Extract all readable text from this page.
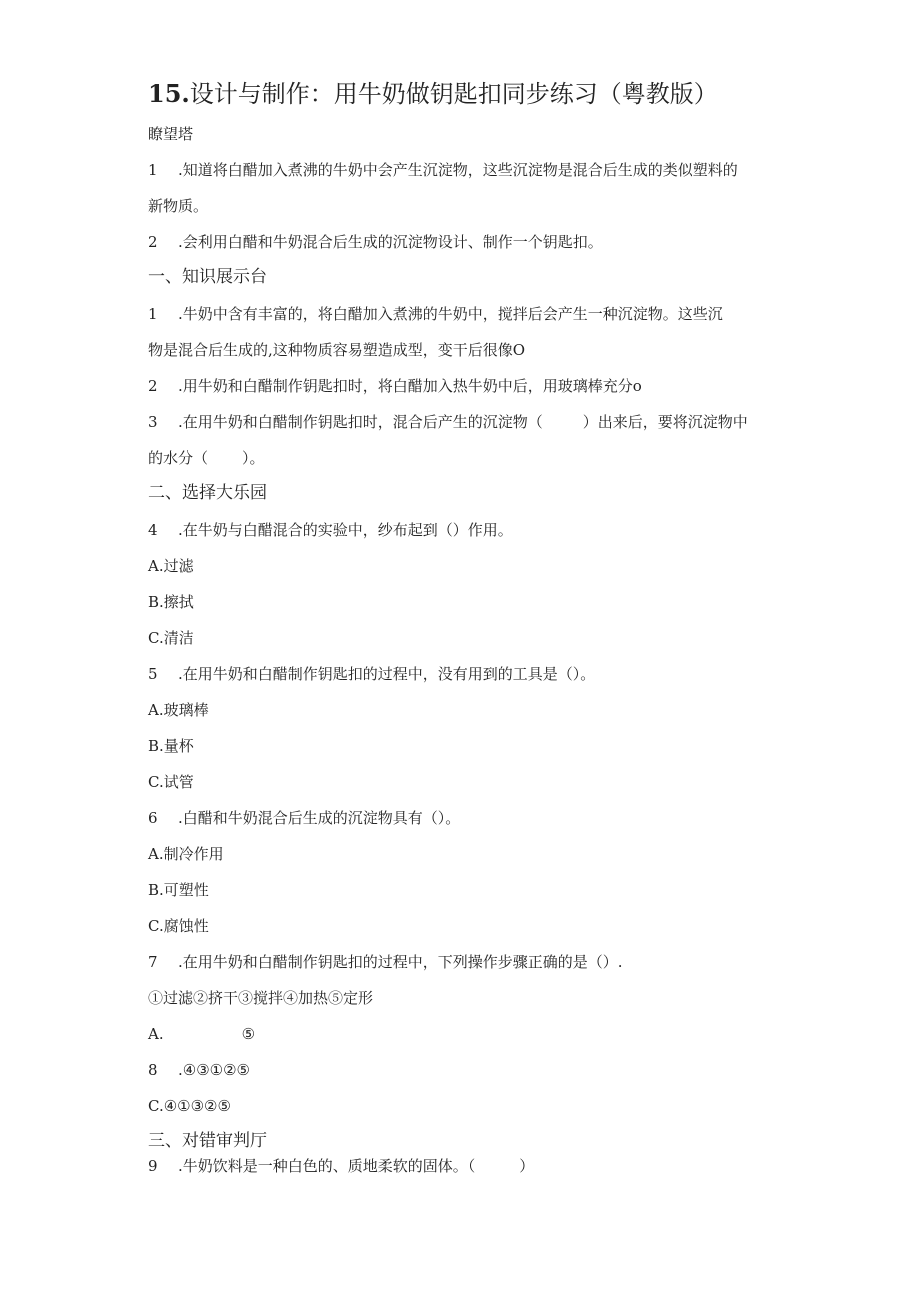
15.设计与制作：用牛奶做钥匙扣同步练习（粤教版）
瞭望塔
1 .知道将白醋加入煮沸的牛奶中会产生沉淀物，这些沉淀物是混合后生成的类似塑料的
新物质。
2 .会利用白醋和牛奶混合后生成的沉淀物设计、制作一个钥匙扣。
一、知识展示台
1 .牛奶中含有丰富的，将白醋加入煮沸的牛奶中，搅拌后会产生一种沉淀物。这些沉
物是混合后生成的,这种物质容易塑造成型，变干后很像O
2 .用牛奶和白醋制作钥匙扣时，将白醋加入热牛奶中后，用玻璃棒充分o
3 .在用牛奶和白醋制作钥匙扣时，混合后产生的沉淀物（	）出来后，要将沉淀物中
的水分（ ）。
二、选择大乐园
4 .在牛奶与白醋混合的实验中，纱布起到（）作用。
A.过滤
B.擦拭
C.清洁
5 .在用牛奶和白醋制作钥匙扣的过程中，没有用到的工具是（）。
A.玻璃棒
B.量杯
C.试管
6 .白醋和牛奶混合后生成的沉淀物具有（）。
A.制冷作用
B.可塑性
C.腐蚀性
7 .在用牛奶和白醋制作钥匙扣的过程中，下列操作步骤正确的是（）.
①过滤②挤干③搅拌④加热⑤定形
A.	⑤
8 .④③①②⑤
C.④①③②⑤
三、对错审判厅
9 .牛奶饮料是一种白色的、质地柔软的固体。（	）
